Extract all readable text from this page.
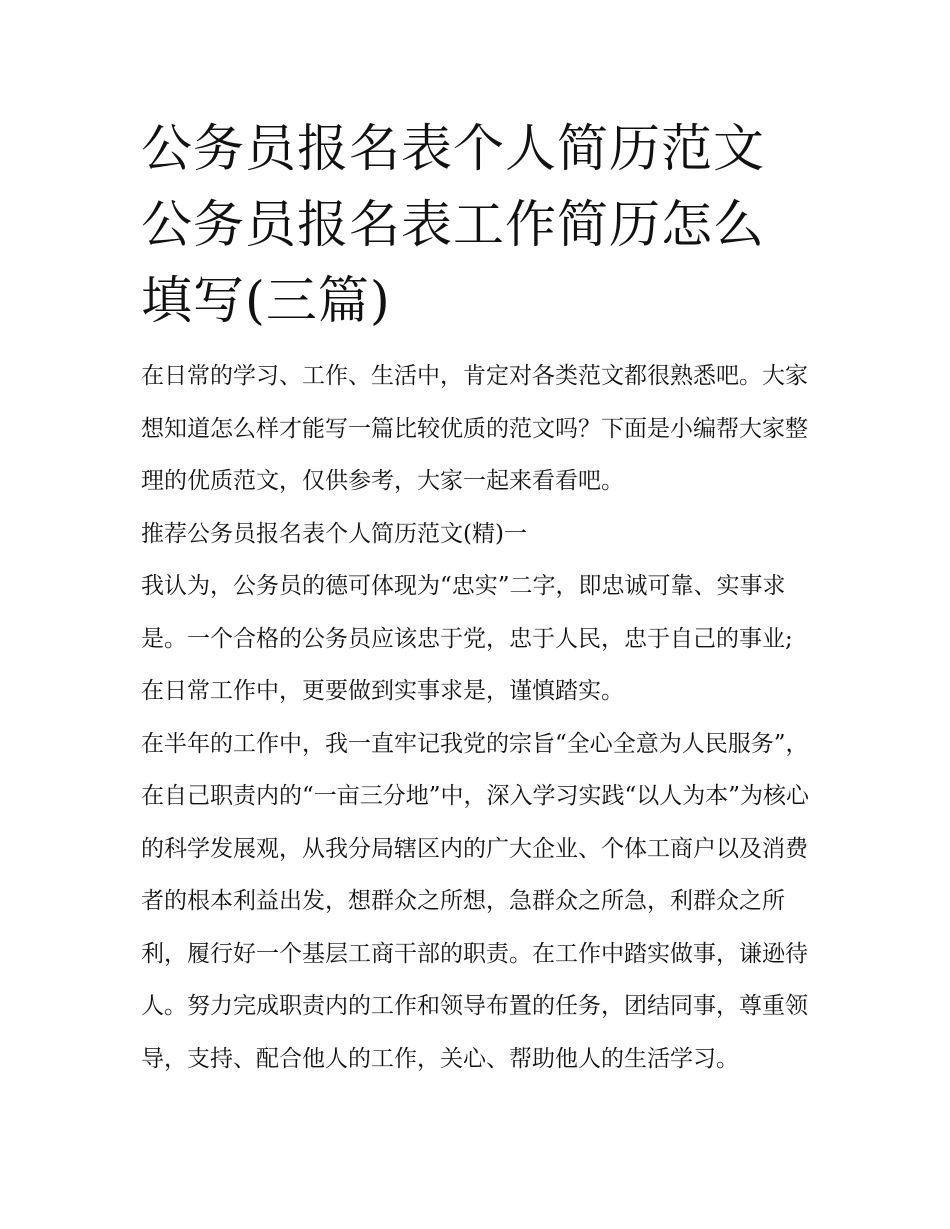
公务员报名表个人简历范文 公务员报名表工作简历怎么填写(三篇)

在日常的学习、工作、生活中，肯定对各类范文都很熟悉吧。大家想知道怎么样才能写一篇比较优质的范文吗？下面是小编帮大家整理的优质范文，仅供参考，大家一起来看看吧。

推荐公务员报名表个人简历范文(精)一

我认为，公务员的德可体现为“忠实”二字，即忠诚可靠、实事求是。一个合格的公务员应该忠于党，忠于人民，忠于自己的事业;在日常工作中，更要做到实事求是，谨慎踏实。

在半年的工作中，我一直牢记我党的宗旨“全心全意为人民服务”，在自己职责内的“一亩三分地”中，深入学习实践“以人为本”为核心的科学发展观，从我分局辖区内的广大企业、个体工商户以及消费者的根本利益出发，想群众之所想，急群众之所急，利群众之所利，履行好一个基层工商干部的职责。在工作中踏实做事，谦逊待人。努力完成职责内的工作和领导布置的任务，团结同事，尊重领导，支持、配合他人的工作，关心、帮助他人的生活学习。
